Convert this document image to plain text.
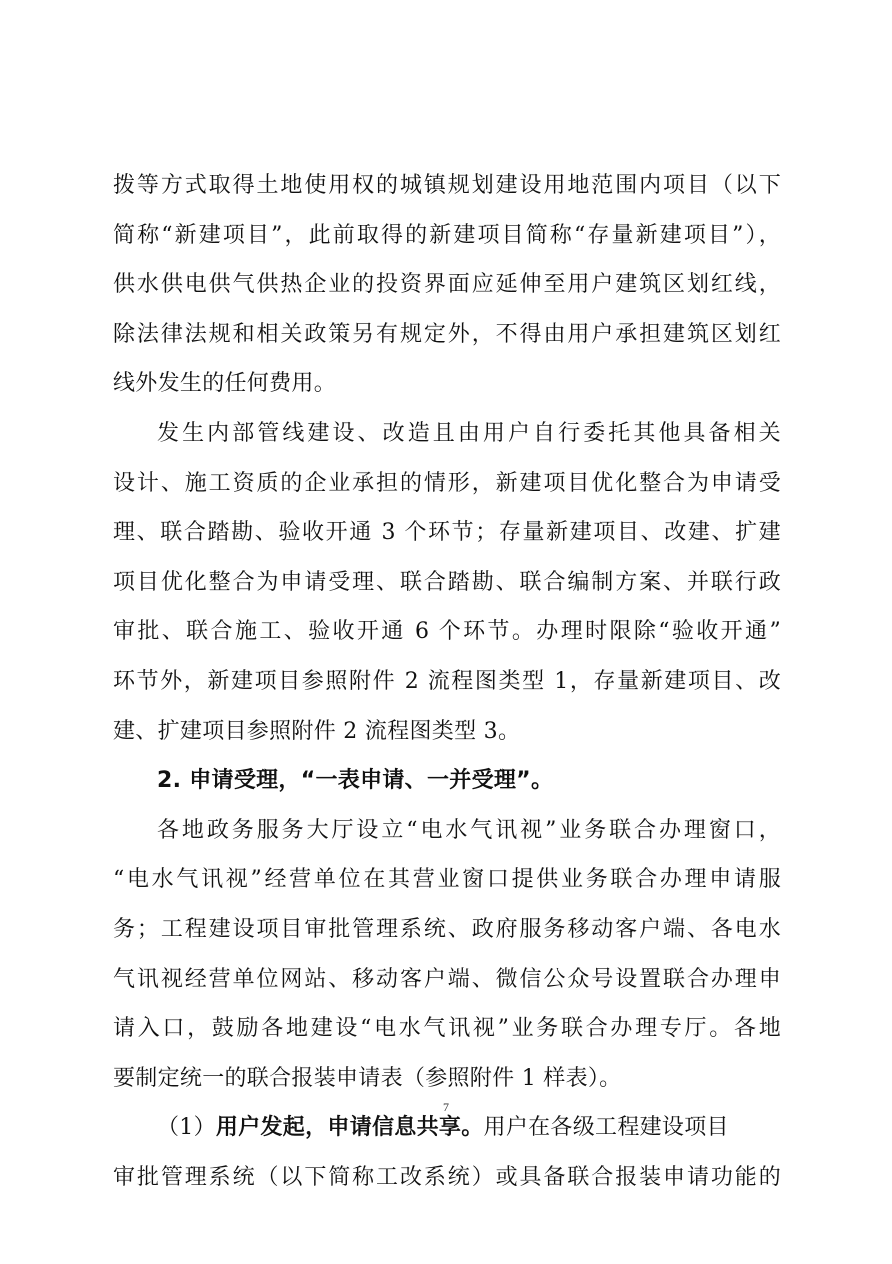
拨等方式取得土地使用权的城镇规划建设用地范围内项目（以下
简称“新建项目”，此前取得的新建项目简称“存量新建项目”），
供水供电供气供热企业的投资界面应延伸至用户建筑区划红线，
除法律法规和相关政策另有规定外，不得由用户承担建筑区划红
线外发生的任何费用。
发生内部管线建设、改造且由用户自行委托其他具备相关
设计、施工资质的企业承担的情形，新建项目优化整合为申请受
理、联合踏勘、验收开通 3 个环节；存量新建项目、改建、扩建
项目优化整合为申请受理、联合踏勘、联合编制方案、并联行政
审批、联合施工、验收开通 6 个环节。办理时限除“验收开通”
环节外，新建项目参照附件 2 流程图类型 1，存量新建项目、改
建、扩建项目参照附件 2 流程图类型 3。
2. 申请受理，“一表申请、一并受理”。
各地政务服务大厅设立“电水气讯视”业务联合办理窗口，
“电水气讯视”经营单位在其营业窗口提供业务联合办理申请服
务；工程建设项目审批管理系统、政府服务移动客户端、各电水
气讯视经营单位网站、移动客户端、微信公众号设置联合办理申
请入口，鼓励各地建设“电水气讯视”业务联合办理专厅。各地
要制定统一的联合报装申请表（参照附件 1 样表）。
（1）用户发起，申请信息共享。用户在各级工程建设项目
审批管理系统（以下简称工改系统）或具备联合报装申请功能的
7
